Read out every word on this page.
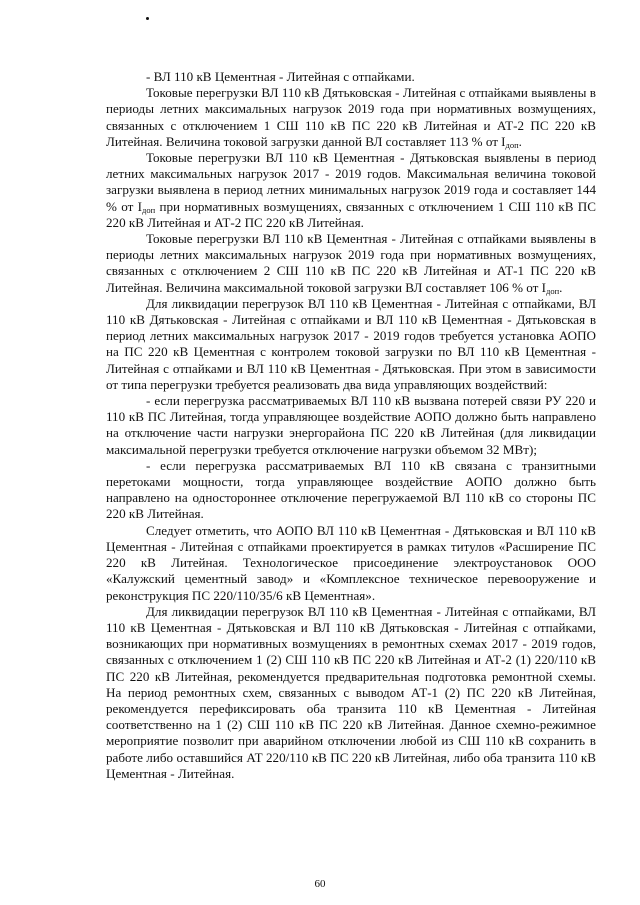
- ВЛ 110 кВ Цементная - Литейная с отпайками.

Токовые перегрузки ВЛ 110 кВ Дятьковская - Литейная с отпайками выявлены в периоды летних максимальных нагрузок 2019 года при нормативных возмущениях, связанных с отключением 1 СШ 110 кВ ПС 220 кВ Литейная и АТ-2 ПС 220 кВ Литейная. Величина токовой загрузки данной ВЛ составляет 113 % от $I_{доп}$.

Токовые перегрузки ВЛ 110 кВ Цементная - Дятьковская выявлены в период летних максимальных нагрузок 2017 - 2019 годов. Максимальная величина токовой загрузки выявлена в период летних минимальных нагрузок 2019 года и составляет 144 % от $I_{доп}$ при нормативных возмущениях, связанных с отключением 1 СШ 110 кВ ПС 220 кВ Литейная и АТ-2 ПС 220 кВ Литейная.

Токовые перегрузки ВЛ 110 кВ Цементная - Литейная с отпайками выявлены в периоды летних максимальных нагрузок 2019 года при нормативных возмущениях, связанных с отключением 2 СШ 110 кВ ПС 220 кВ Литейная и АТ-1 ПС 220 кВ Литейная. Величина максимальной токовой загрузки ВЛ составляет 106 % от $I_{доп}$.

Для ликвидации перегрузок ВЛ 110 кВ Цементная - Литейная с отпайками, ВЛ 110 кВ Дятьковская - Литейная с отпайками и ВЛ 110 кВ Цементная - Дятьковская в период летних максимальных нагрузок 2017 - 2019 годов требуется установка АОПО на ПС 220 кВ Цементная с контролем токовой загрузки по ВЛ 110 кВ Цементная - Литейная с отпайками и ВЛ 110 кВ Цементная - Дятьковская. При этом в зависимости от типа перегрузки требуется реализовать два вида управляющих воздействий:

- если перегрузка рассматриваемых ВЛ 110 кВ вызвана потерей связи РУ 220 и 110 кВ ПС Литейная, тогда управляющее воздействие АОПО должно быть направлено на отключение части нагрузки энергорайона ПС 220 кВ Литейная (для ликвидации максимальной перегрузки требуется отключение нагрузки объемом 32 МВт);

- если перегрузка рассматриваемых ВЛ 110 кВ связана с транзитными перетоками мощности, тогда управляющее воздействие АОПО должно быть направлено на одностороннее отключение перегружаемой ВЛ 110 кВ со стороны ПС 220 кВ Литейная.

Следует отметить, что АОПО ВЛ 110 кВ Цементная - Дятьковская и ВЛ 110 кВ Цементная - Литейная с отпайками проектируется в рамках титулов «Расширение ПС 220 кВ Литейная. Технологическое присоединение электроустановок ООО «Калужский цементный завод» и «Комплексное техническое перевооружение и реконструкция ПС 220/110/35/6 кВ Цементная».

Для ликвидации перегрузок ВЛ 110 кВ Цементная - Литейная с отпайками, ВЛ 110 кВ Цементная - Дятьковская и ВЛ 110 кВ Дятьковская - Литейная с отпайками, возникающих при нормативных возмущениях в ремонтных схемах 2017 - 2019 годов, связанных с отключением 1 (2) СШ 110 кВ ПС 220 кВ Литейная и АТ-2 (1) 220/110 кВ ПС 220 кВ Литейная, рекомендуется предварительная подготовка ремонтной схемы. На период ремонтных схем, связанных с выводом АТ-1 (2) ПС 220 кВ Литейная, рекомендуется перефиксировать оба транзита 110 кВ Цементная - Литейная соответственно на 1 (2) СШ 110 кВ ПС 220 кВ Литейная. Данное схемно-режимное мероприятие позволит при аварийном отключении любой из СШ 110 кВ сохранить в работе либо оставшийся АТ 220/110 кВ ПС 220 кВ Литейная, либо оба транзита 110 кВ Цементная - Литейная.

60
